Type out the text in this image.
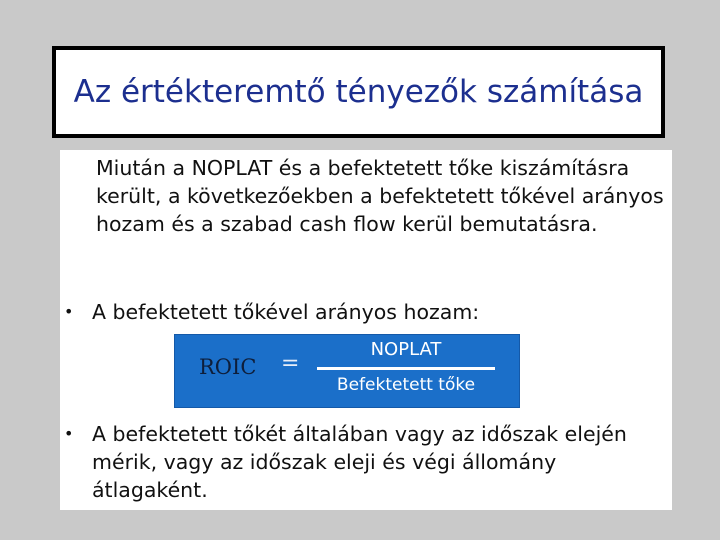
Az értékteremtő tényezők számítása
Miután a NOPLAT és a befektetett tőke kiszámításra került, a következőekben a befektetett tőkével arányos hozam és a szabad cash flow kerül bemutatásra.
• A befektetett tőkével arányos hozam:
ROIC =
NOPLAT
Befektetett tőke
• A befektetett tőkét általában vagy az időszak elején mérik, vagy az időszak eleji és végi állomány átlagaként.
